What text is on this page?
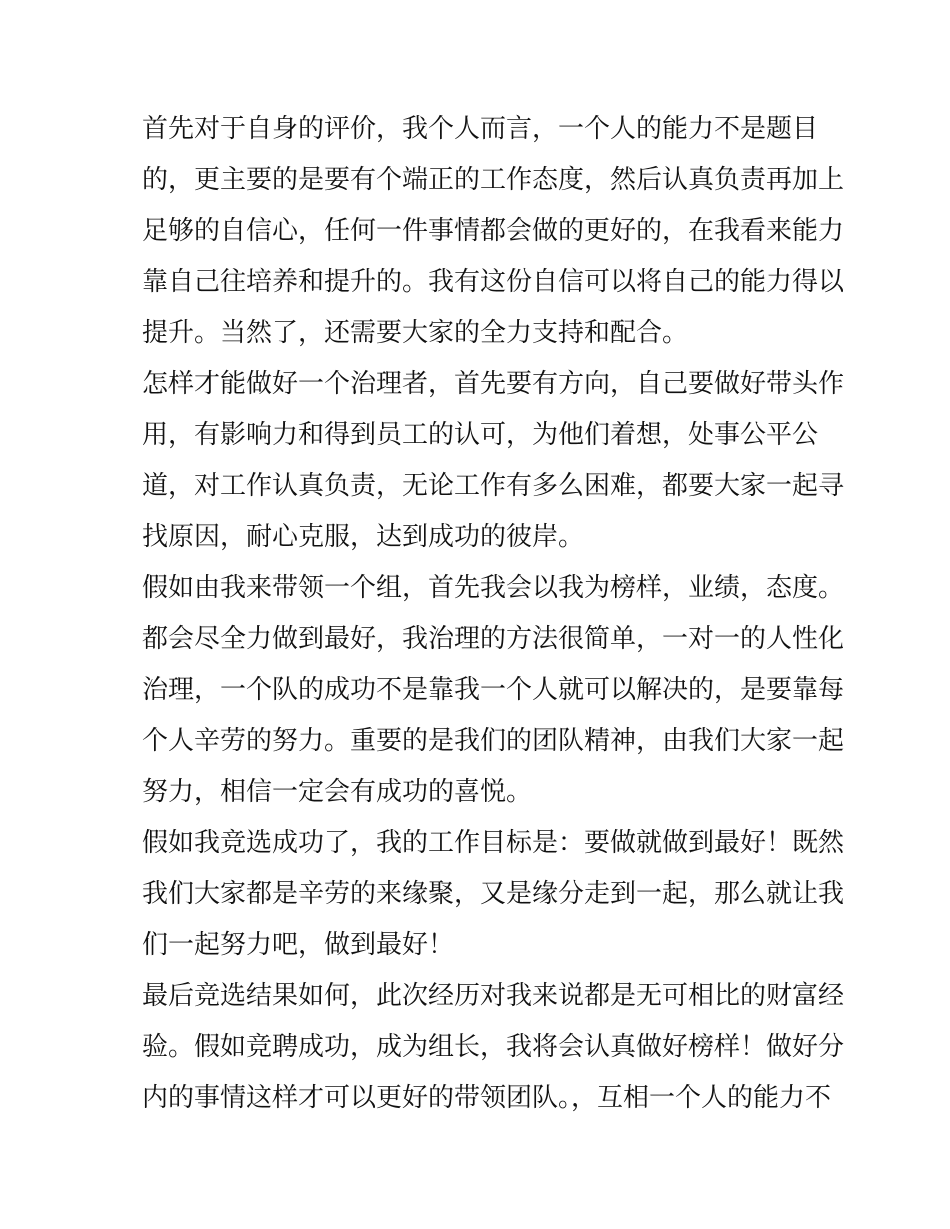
首先对于自身的评价，我个人而言，一个人的能力不是题目
的，更主要的是要有个端正的工作态度，然后认真负责再加上
足够的自信心，任何一件事情都会做的更好的，在我看来能力
靠自己往培养和提升的。我有这份自信可以将自己的能力得以
提升。当然了，还需要大家的全力支持和配合。
怎样才能做好一个治理者，首先要有方向，自己要做好带头作
用，有影响力和得到员工的认可，为他们着想，处事公平公
道，对工作认真负责，无论工作有多么困难，都要大家一起寻
找原因，耐心克服，达到成功的彼岸。
假如由我来带领一个组，首先我会以我为榜样，业绩，态度。
都会尽全力做到最好，我治理的方法很简单，一对一的人性化
治理，一个队的成功不是靠我一个人就可以解决的，是要靠每
个人辛劳的努力。重要的是我们的团队精神，由我们大家一起
努力，相信一定会有成功的喜悦。
假如我竞选成功了，我的工作目标是：要做就做到最好！既然
我们大家都是辛劳的来缘聚，又是缘分走到一起，那么就让我
们一起努力吧，做到最好！
最后竞选结果如何，此次经历对我来说都是无可相比的财富经
验。假如竞聘成功，成为组长，我将会认真做好榜样！做好分
内的事情这样才可以更好的带领团队。，互相一个人的能力不
